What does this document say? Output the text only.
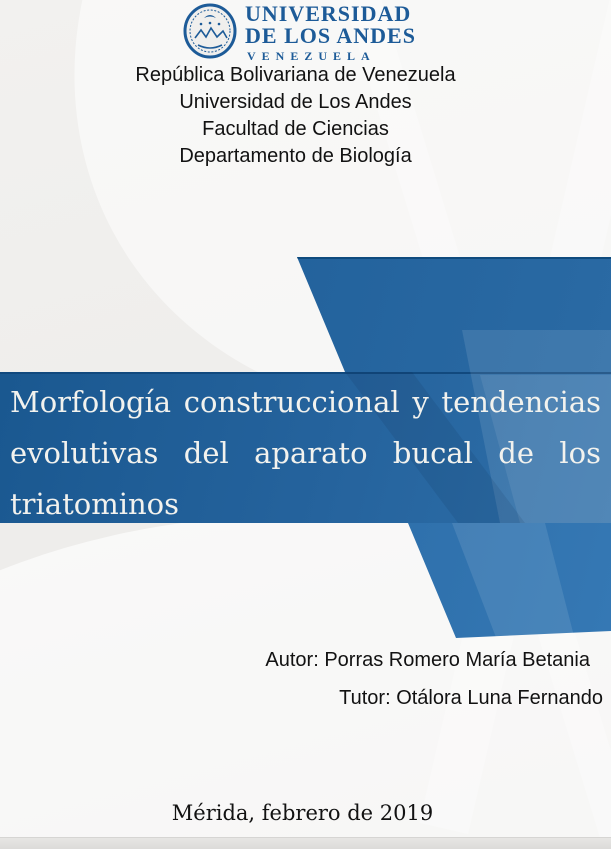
UNIVERSIDAD
DE LOS ANDES
VENEZUELA
República Bolivariana de Venezuela
Universidad de Los Andes
Facultad de Ciencias
Departamento de Biología
Morfología construccional y tendencias
evolutivas del aparato bucal de los
triatominos
Autor: Porras Romero María Betania
Tutor: Otálora Luna Fernando
Mérida, febrero de 2019
